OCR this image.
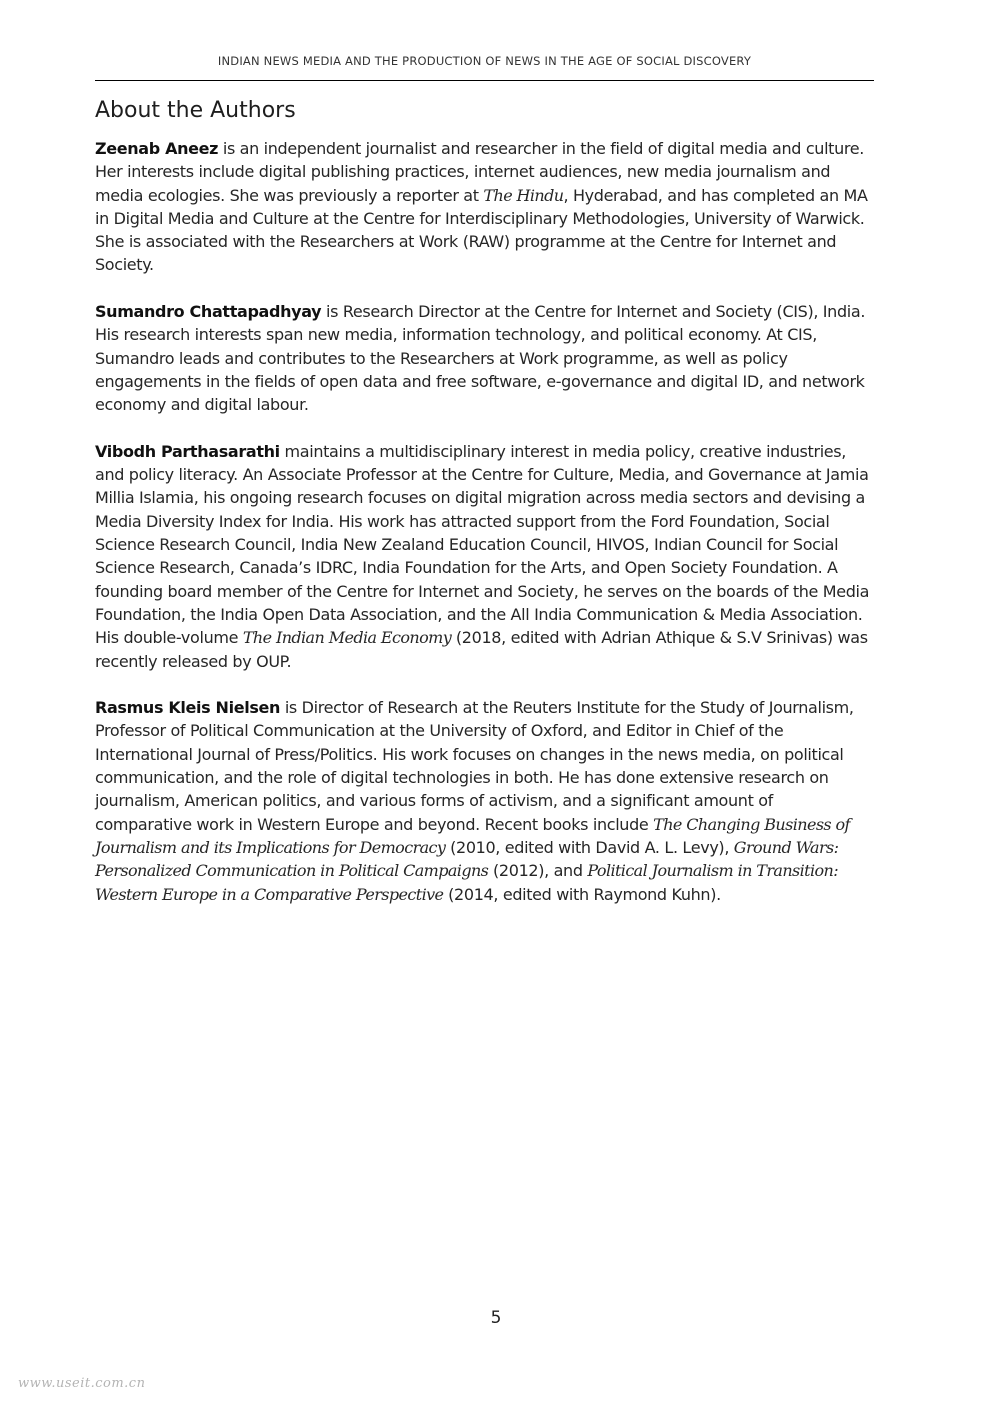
INDIAN NEWS MEDIA AND THE PRODUCTION OF NEWS IN THE AGE OF SOCIAL DISCOVERY
About the Authors

Zeenab Aneez is an independent journalist and researcher in the field of digital media and culture. Her interests include digital publishing practices, internet audiences, new media journalism and media ecologies. She was previously a reporter at The Hindu, Hyderabad, and has completed an MA in Digital Media and Culture at the Centre for Interdisciplinary Methodologies, University of Warwick. She is associated with the Researchers at Work (RAW) programme at the Centre for Internet and Society.

Sumandro Chattapadhyay is Research Director at the Centre for Internet and Society (CIS), India. His research interests span new media, information technology, and political economy. At CIS, Sumandro leads and contributes to the Researchers at Work programme, as well as policy engagements in the fields of open data and free software, e-governance and digital ID, and network economy and digital labour.

Vibodh Parthasarathi maintains a multidisciplinary interest in media policy, creative industries, and policy literacy. An Associate Professor at the Centre for Culture, Media, and Governance at Jamia Millia Islamia, his ongoing research focuses on digital migration across media sectors and devising a Media Diversity Index for India. His work has attracted support from the Ford Foundation, Social Science Research Council, India New Zealand Education Council, HIVOS, Indian Council for Social Science Research, Canada’s IDRC, India Foundation for the Arts, and Open Society Foundation. A founding board member of the Centre for Internet and Society, he serves on the boards of the Media Foundation, the India Open Data Association, and the All India Communication & Media Association. His double-volume The Indian Media Economy (2018, edited with Adrian Athique & S.V Srinivas) was recently released by OUP.

Rasmus Kleis Nielsen is Director of Research at the Reuters Institute for the Study of Journalism, Professor of Political Communication at the University of Oxford, and Editor in Chief of the International Journal of Press/Politics. His work focuses on changes in the news media, on political communication, and the role of digital technologies in both. He has done extensive research on journalism, American politics, and various forms of activism, and a significant amount of comparative work in Western Europe and beyond. Recent books include The Changing Business of Journalism and its Implications for Democracy (2010, edited with David A. L. Levy), Ground Wars: Personalized Communication in Political Campaigns (2012), and Political Journalism in Transition: Western Europe in a Comparative Perspective (2014, edited with Raymond Kuhn).

5
www.useit.com.cn
